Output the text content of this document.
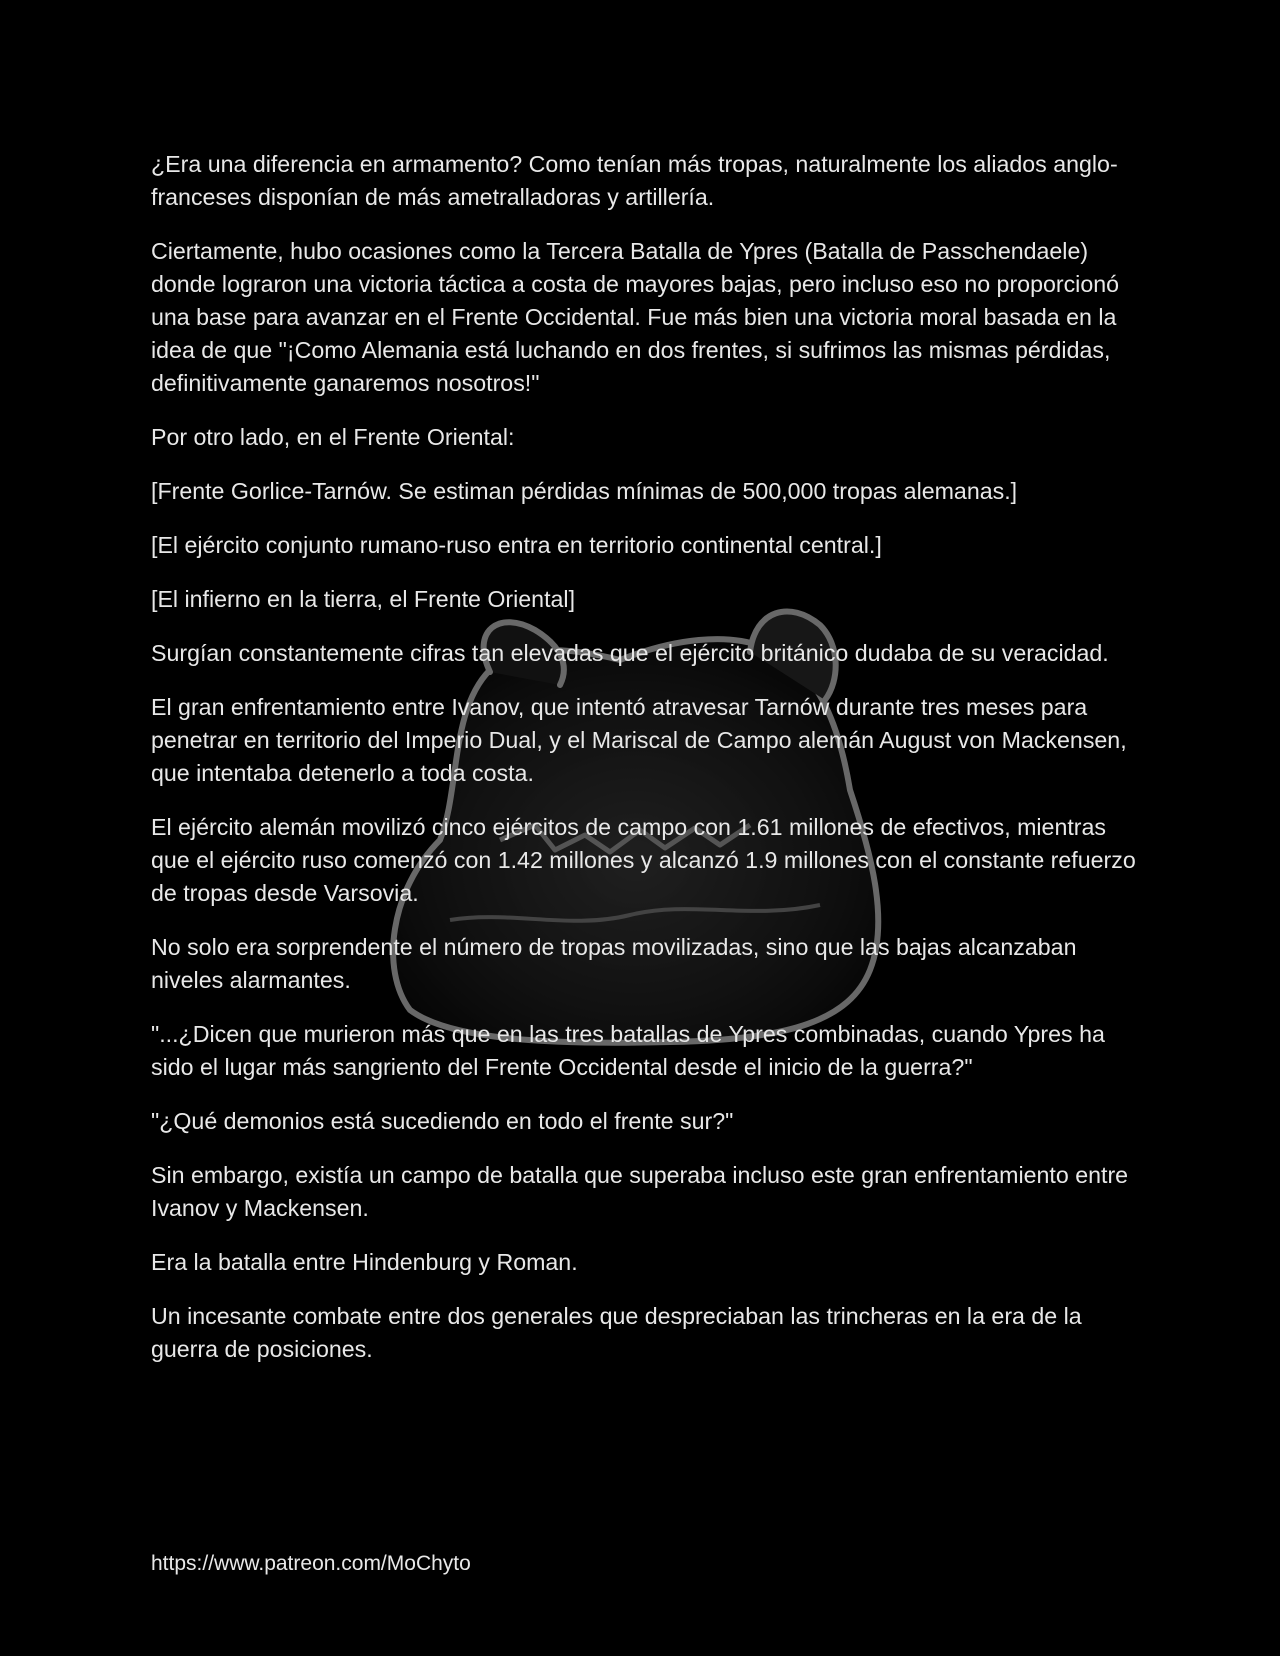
¿Era una diferencia en armamento? Como tenían más tropas, naturalmente los aliados anglo-franceses disponían de más ametralladoras y artillería.

Ciertamente, hubo ocasiones como la Tercera Batalla de Ypres (Batalla de Passchendaele) donde lograron una victoria táctica a costa de mayores bajas, pero incluso eso no proporcionó una base para avanzar en el Frente Occidental. Fue más bien una victoria moral basada en la idea de que "¡Como Alemania está luchando en dos frentes, si sufrimos las mismas pérdidas, definitivamente ganaremos nosotros!"

Por otro lado, en el Frente Oriental:

[Frente Gorlice-Tarnów. Se estiman pérdidas mínimas de 500,000 tropas alemanas.]

[El ejército conjunto rumano-ruso entra en territorio continental central.]

[El infierno en la tierra, el Frente Oriental]

Surgían constantemente cifras tan elevadas que el ejército británico dudaba de su veracidad.

El gran enfrentamiento entre Ivanov, que intentó atravesar Tarnów durante tres meses para penetrar en territorio del Imperio Dual, y el Mariscal de Campo alemán August von Mackensen, que intentaba detenerlo a toda costa.

El ejército alemán movilizó cinco ejércitos de campo con 1.61 millones de efectivos, mientras que el ejército ruso comenzó con 1.42 millones y alcanzó 1.9 millones con el constante refuerzo de tropas desde Varsovia.

No solo era sorprendente el número de tropas movilizadas, sino que las bajas alcanzaban niveles alarmantes.

"...¿Dicen que murieron más que en las tres batallas de Ypres combinadas, cuando Ypres ha sido el lugar más sangriento del Frente Occidental desde el inicio de la guerra?"

"¿Qué demonios está sucediendo en todo el frente sur?"

Sin embargo, existía un campo de batalla que superaba incluso este gran enfrentamiento entre Ivanov y Mackensen.

Era la batalla entre Hindenburg y Roman.

Un incesante combate entre dos generales que despreciaban las trincheras en la era de la guerra de posiciones.

https://www.patreon.com/MoChyto
